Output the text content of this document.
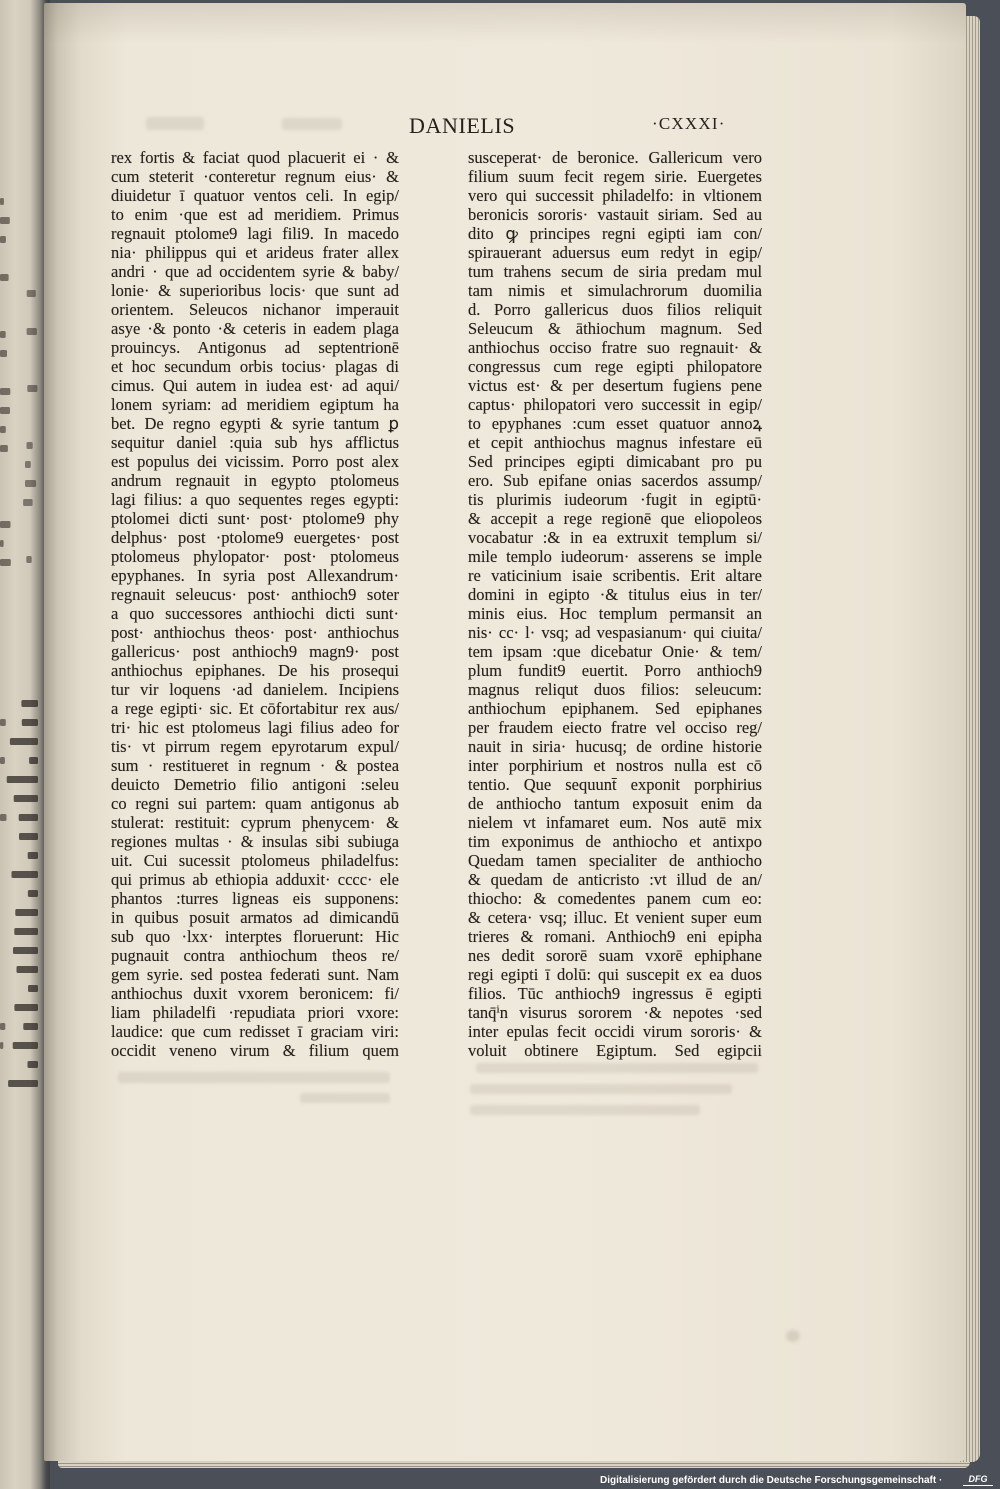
DANIELIS	·CXXXI·
rex fortis & faciat quod placuerit ei · &
cum steterit ·conteretur regnum eius· &
diuidetur ī quatuor ventos celi. In egip/
to enim ·que est ad meridiem. Primus
regnauit ptolome9 lagi fili9. In macedo
nia· philippus qui et arideus frater allex
andri · que ad occidentem syrie & baby/
lonie· & superioribus locis· que sunt ad
orientem. Seleucos nichanor imperauit
asye ·& ponto ·& ceteris in eadem plaga
prouincys. Antigonus ad septentrionē
et hoc secundum orbis tocius· plagas di
cimus. Qui autem in iudea est· ad aqui/
lonem syriam: ad meridiem egiptum ha
bet. De regno egypti & syrie tantum ꝑ
sequitur daniel :quia sub hys afflictus
est populus dei vicissim. Porro post alex
andrum regnauit in egypto ptolomeus
lagi filius: a quo sequentes reges egypti:
ptolomei dicti sunt· post· ptolome9 phy
delphus· post ·ptolome9 euergetes· post
ptolomeus phylopator· post· ptolomeus
epyphanes. In syria post Allexandrum·
regnauit seleucus· post· anthioch9 soter
a quo successores anthiochi dicti sunt·
post· anthiochus theos· post· anthiochus
gallericus· post anthioch9 magn9· post
anthiochus epiphanes. De his prosequi
tur vir loquens ·ad danielem. Incipiens
a rege egipti· sic. Et cōfortabitur rex aus/
tri· hic est ptolomeus lagi filius adeo for
tis· vt pirrum regem epyrotarum expul/
sum · restitueret in regnum · & postea
deuicto Demetrio filio antigoni :seleu
co regni sui partem: quam antigonus ab
stulerat: restituit: cyprum phenycem· &
regiones multas · & insulas sibi subiuga
uit. Cui sucessit ptolomeus philadelfus:
qui primus ab ethiopia adduxit· cccc· ele
phantos :turres ligneas eis supponens:
in quibus posuit armatos ad dimicandū
sub quo ·lxx· interptes floruerunt: Hic
pugnauit contra anthiochum theos re/
gem syrie. sed postea federati sunt. Nam
anthiochus duxit vxorem beronicem: fi/
liam philadelfi ·repudiata priori vxore:
laudice: que cum redisset ī graciam viri:
occidit veneno virum & filium quem
susceperat· de beronice. Gallericum vero
filium suum fecit regem sirie. Euergetes
vero qui successit philadelfo: in vltionem
beronicis sororis· vastauit siriam. Sed au
dito ꝙ principes regni egipti iam con/
spirauerant aduersus eum redyt in egip/
tum trahens secum de siria predam mul
tam nimis et simulachrorum duomilia
d. Porro gallericus duos filios reliquit
Seleucum & āthiochum magnum. Sed
anthiochus occiso fratre suo regnauit· &
congressus cum rege egipti philopatore
victus est· & per desertum fugiens pene
captus· philopatori vero successit in egip/
to epyphanes :cum esset quatuor annoꝝ
et cepit anthiochus magnus infestare eū
Sed principes egipti dimicabant pro pu
ero. Sub epifane onias sacerdos assump/
tis plurimis iudeorum ·fugit in egiptū·
& accepit a rege regionē que eliopoleos
vocabatur :& in ea extruxit templum si/
mile templo iudeorum· asserens se imple
re vaticinium isaie scribentis. Erit altare
domini in egipto ·& titulus eius in ter/
minis eius. Hoc templum permansit an
nis· cc· l· vsq; ad vespasianum· qui ciuita/
tem ipsam :que dicebatur Onie· & tem/
plum fundit9 euertit. Porro anthioch9
magnus reliqut duos filios: seleucum:
anthiochum epiphanem. Sed epiphanes
per fraudem eiecto fratre vel occiso reg/
nauit in siria· hucusq; de ordine historie
inter porphirium et nostros nulla est cō
tentio. Que sequunt̄ exponit porphirius
de anthiocho tantum exposuit enim da
nielem vt infamaret eum. Nos autē mix
tim exponimus de anthiocho et antixpo
Quedam tamen specialiter de anthiocho
& quedam de anticristo :vt illud de an/
thiocho: & comedentes panem cum eo:
& cetera· vsq; illuc. Et venient super eum
trieres & romani. Anthioch9 eni epipha
nes dedit sororē suam vxorē ephiphane
regi egipti ī dolū: qui suscepit ex ea duos
filios. Tūc anthioch9 ingressus ē egipti
tanq̄ⁱn visurus sororem ·& nepotes ·sed
inter epulas fecit occidi virum sororis· &
voluit obtinere Egiptum. Sed egipcii
Digitalisierung gefördert durch die Deutsche Forschungsgemeinschaft ·	DFG
